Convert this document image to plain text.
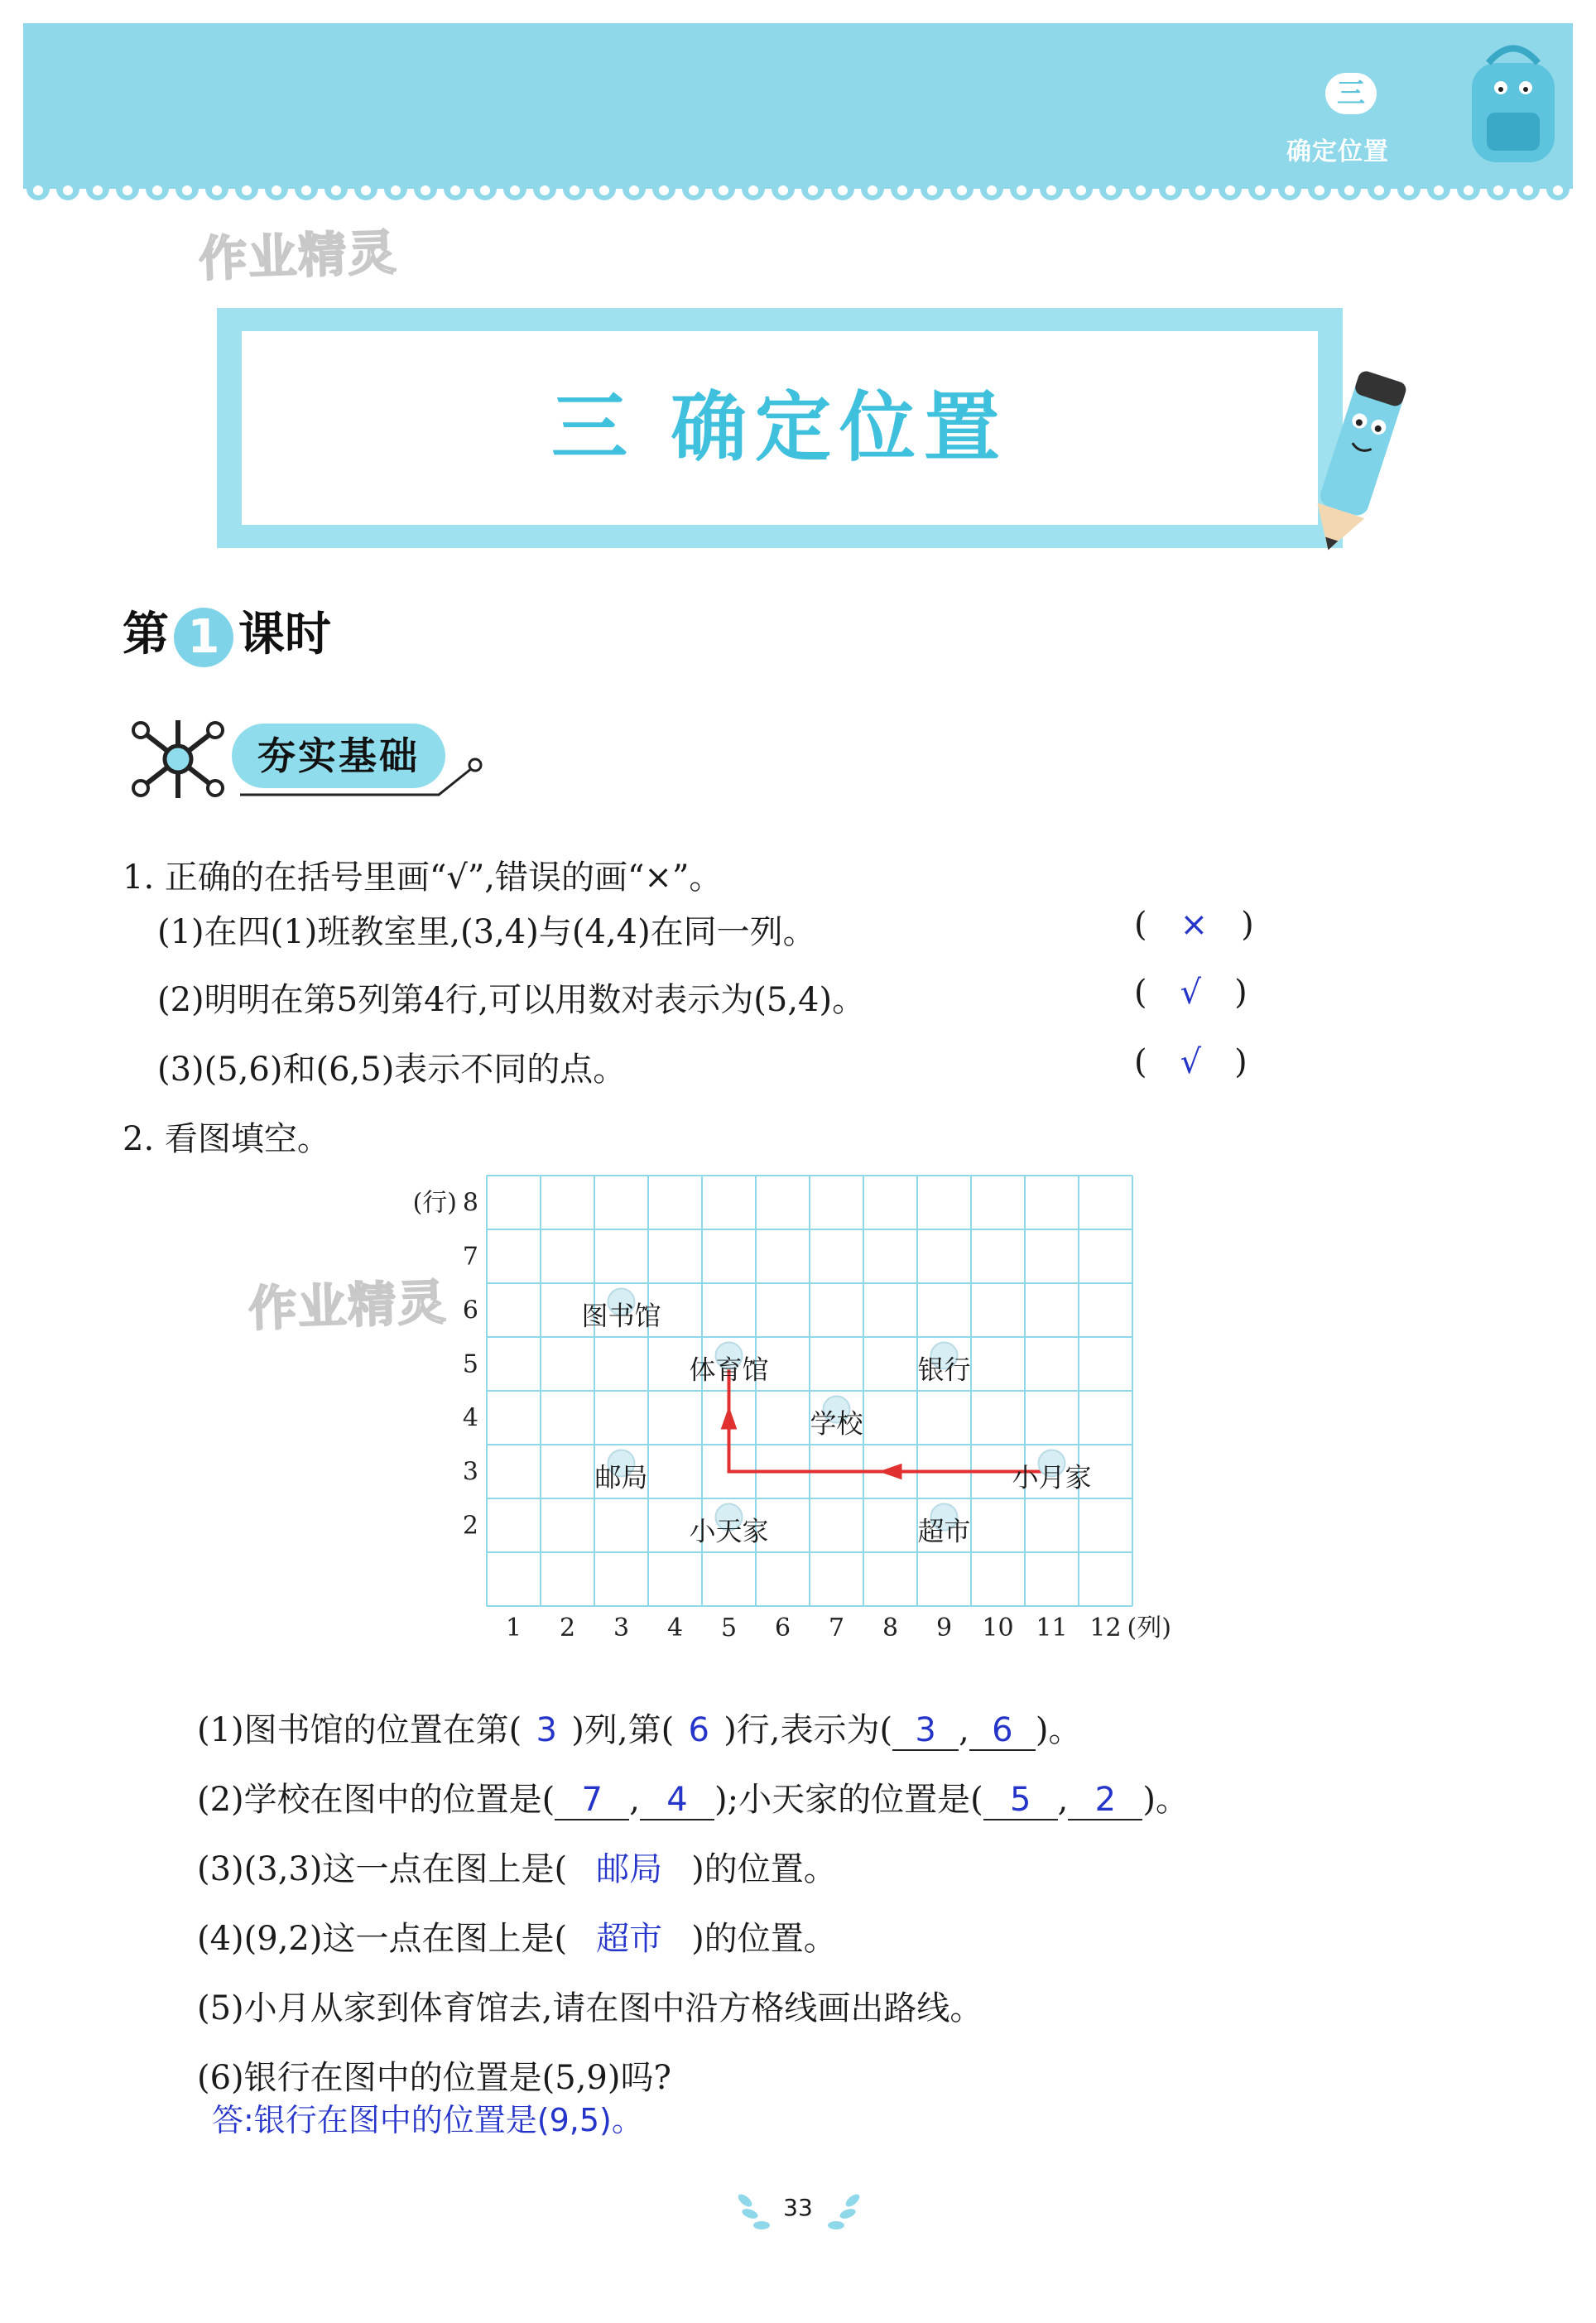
三
确定位置
作业精灵
作业精灵
三 确定位置
第 1 课时
夯实基础
1. 正确的在括号里画“√”,错误的画“×”。
(1)在四(1)班教室里,(3,4)与(4,4)在同一列。	( × )
(2)明明在第5列第4行,可以用数对表示为(5,4)。	( √ )
(3)(5,6)和(6,5)表示不同的点。	( √ )
2. 看图填空。
1 2 3 4 5 6 7 8 9 10 11 12 (列)
2
3
4
5
6
7
8
(行)
图书馆
体育馆	银行
学校
邮局	小月家
小天家	超市
(1)图书馆的位置在第( 3 )列,第( 6 )行,表示为( 3 , 6 )。
(2)学校在图中的位置是( 7 , 4 );小天家的位置是( 5 , 2 )。
(3)(3,3)这一点在图上是( 邮局 )的位置。
(4)(9,2)这一点在图上是( 超市 )的位置。
(5)小月从家到体育馆去,请在图中沿方格线画出路线。
(6)银行在图中的位置是(5,9)吗?
答:银行在图中的位置是(9,5)。
33
